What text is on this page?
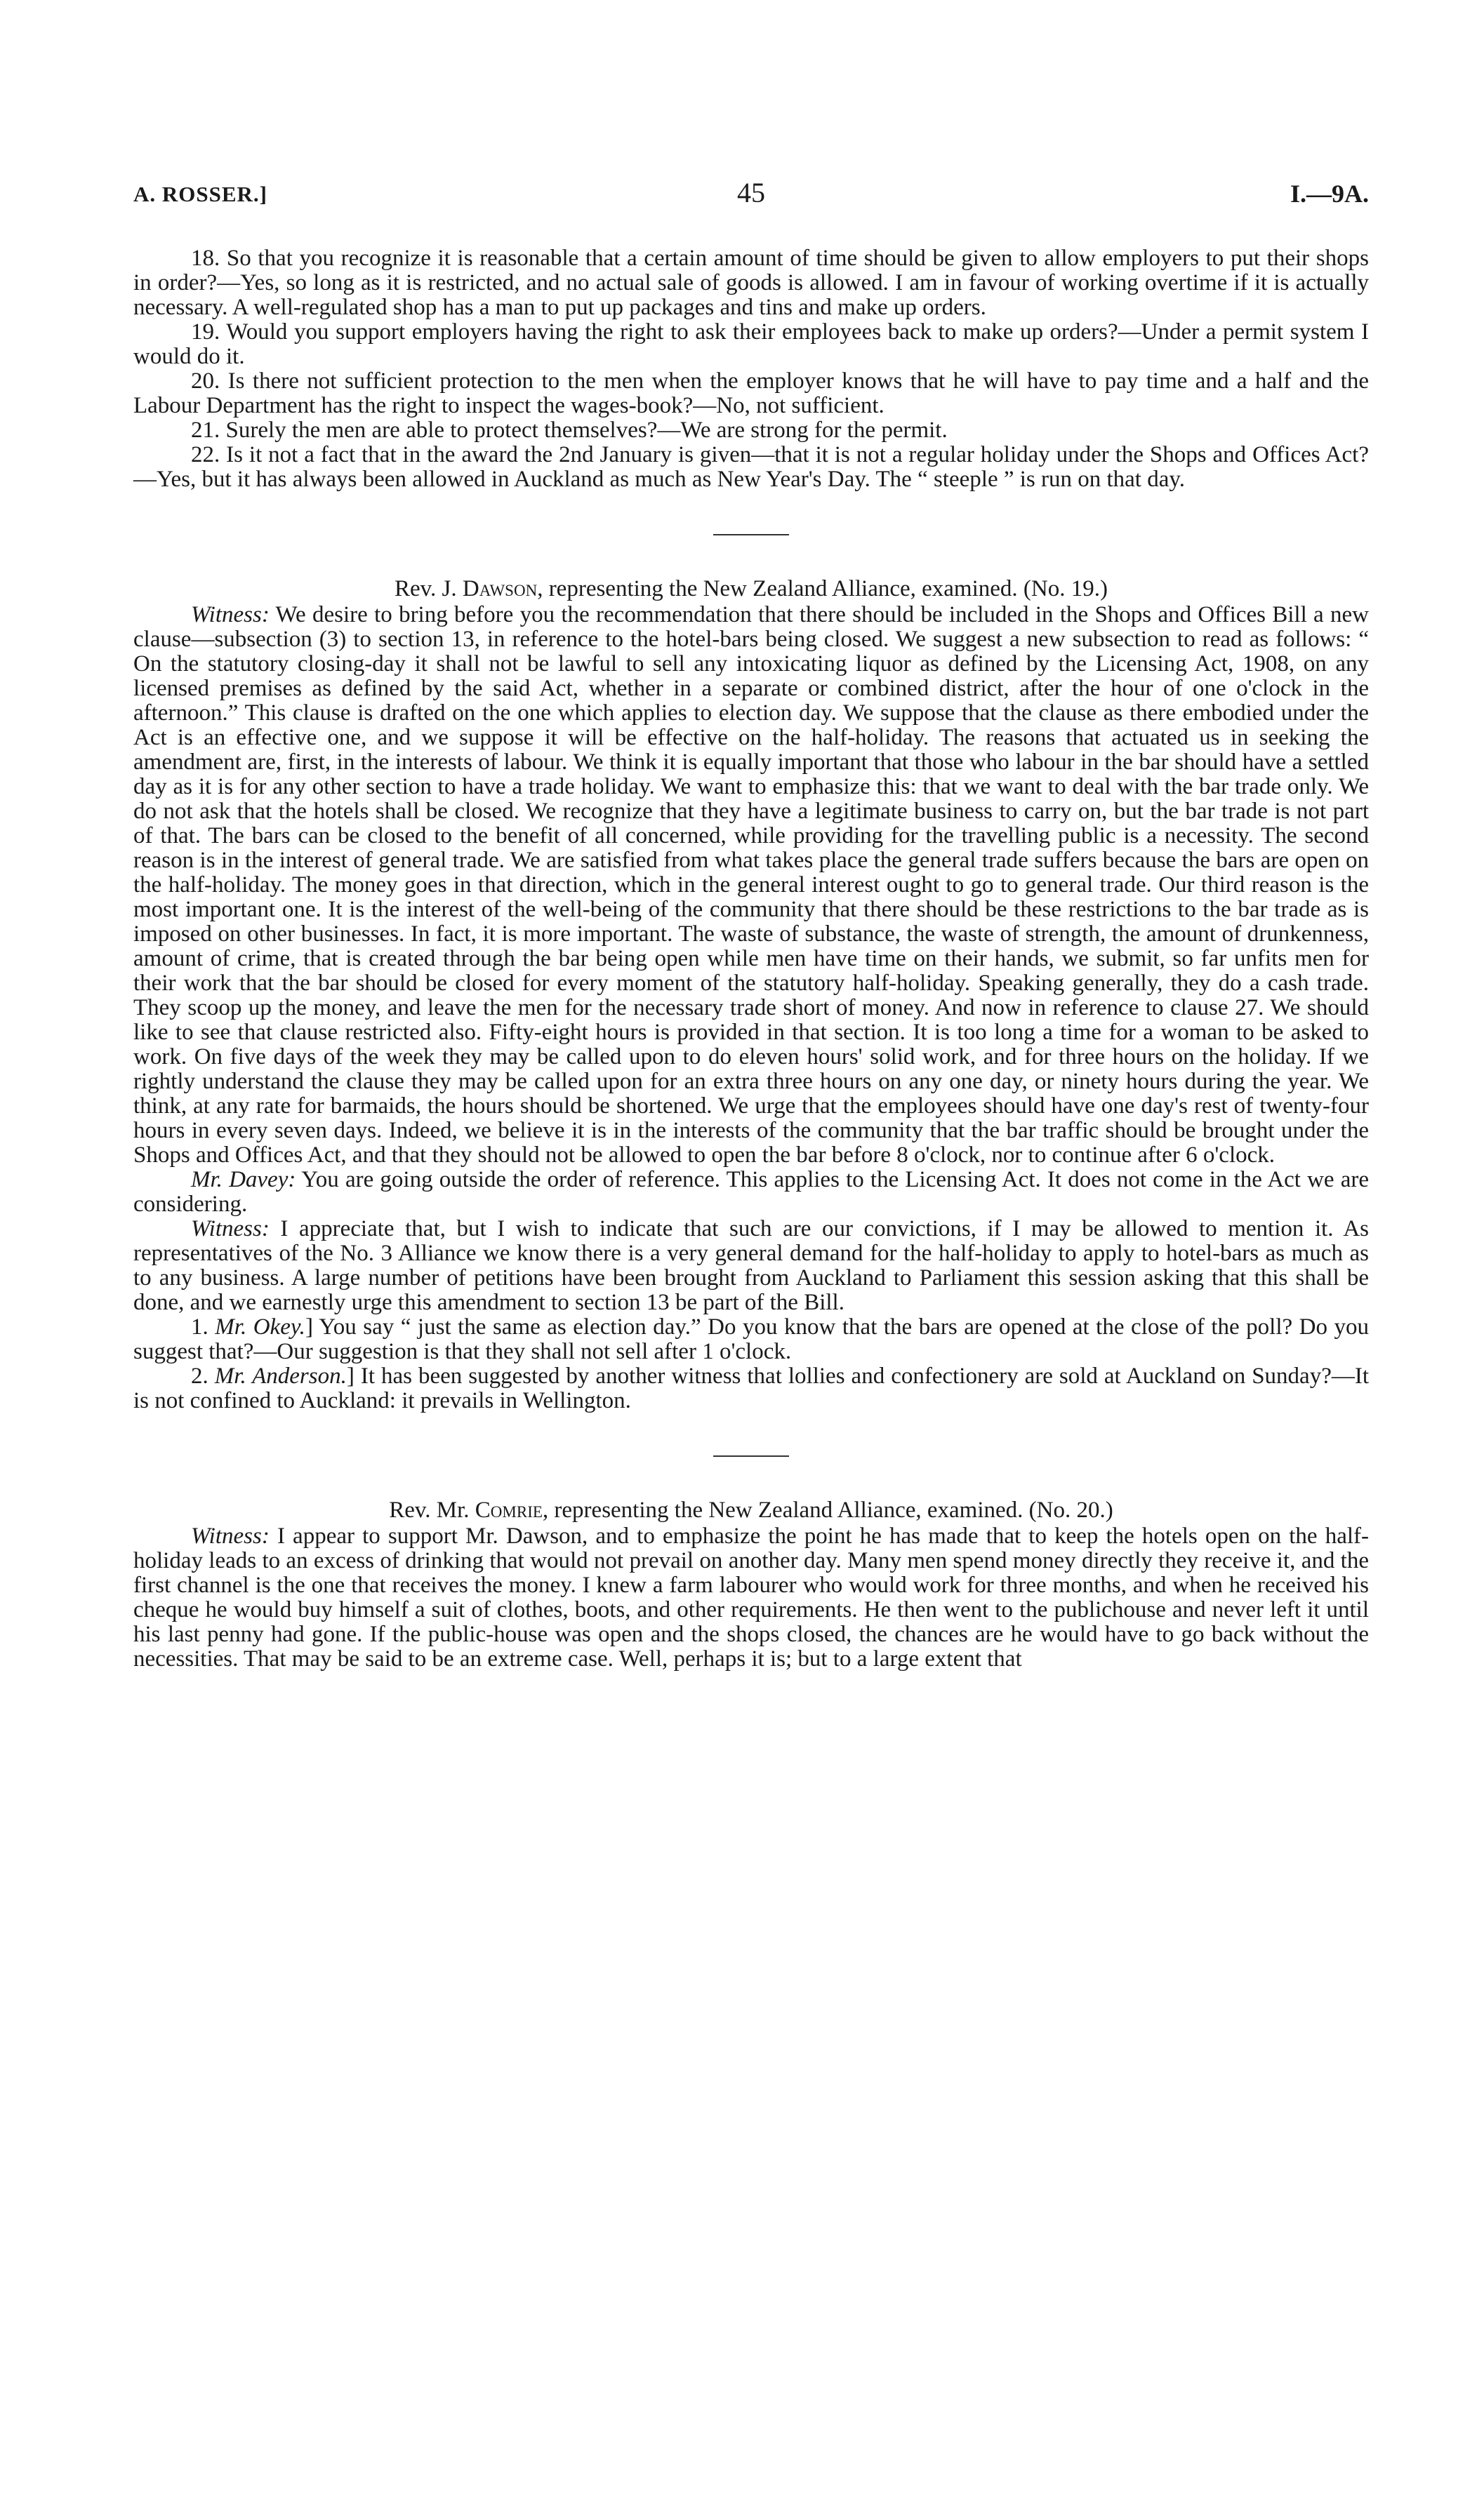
A. ROSSER.]	45	I.—9A.

18. So that you recognize it is reasonable that a certain amount of time should be given to allow employers to put their shops in order?—Yes, so long as it is restricted, and no actual sale of goods is allowed. I am in favour of working overtime if it is actually necessary. A well-regulated shop has a man to put up packages and tins and make up orders.

19. Would you support employers having the right to ask their employees back to make up orders?—Under a permit system I would do it.

20. Is there not sufficient protection to the men when the employer knows that he will have to pay time and a half and the Labour Department has the right to inspect the wages-book?—No, not sufficient.

21. Surely the men are able to protect themselves?—We are strong for the permit.

22. Is it not a fact that in the award the 2nd January is given—that it is not a regular holiday under the Shops and Offices Act?—Yes, but it has always been allowed in Auckland as much as New Year's Day. The “ steeple ” is run on that day.

Rev. J. Dawson, representing the New Zealand Alliance, examined. (No. 19.)

Witness: We desire to bring before you the recommendation that there should be included in the Shops and Offices Bill a new clause—subsection (3) to section 13, in reference to the hotel-bars being closed. We suggest a new subsection to read as follows: “ On the statutory closing-day it shall not be lawful to sell any intoxicating liquor as defined by the Licensing Act, 1908, on any licensed premises as defined by the said Act, whether in a separate or combined district, after the hour of one o'clock in the afternoon.” This clause is drafted on the one which applies to election day. We suppose that the clause as there embodied under the Act is an effective one, and we suppose it will be effective on the half-holiday. The reasons that actuated us in seeking the amendment are, first, in the interests of labour. We think it is equally important that those who labour in the bar should have a settled day as it is for any other section to have a trade holiday. We want to emphasize this: that we want to deal with the bar trade only. We do not ask that the hotels shall be closed. We recognize that they have a legitimate business to carry on, but the bar trade is not part of that. The bars can be closed to the benefit of all concerned, while providing for the travelling public is a necessity. The second reason is in the interest of general trade. We are satisfied from what takes place the general trade suffers because the bars are open on the half-holiday. The money goes in that direction, which in the general interest ought to go to general trade. Our third reason is the most important one. It is the interest of the well-being of the community that there should be these restrictions to the bar trade as is imposed on other businesses. In fact, it is more important. The waste of substance, the waste of strength, the amount of drunkenness, amount of crime, that is created through the bar being open while men have time on their hands, we submit, so far unfits men for their work that the bar should be closed for every moment of the statutory half-holiday. Speaking generally, they do a cash trade. They scoop up the money, and leave the men for the necessary trade short of money. And now in reference to clause 27. We should like to see that clause restricted also. Fifty-eight hours is provided in that section. It is too long a time for a woman to be asked to work. On five days of the week they may be called upon to do eleven hours' solid work, and for three hours on the holiday. If we rightly understand the clause they may be called upon for an extra three hours on any one day, or ninety hours during the year. We think, at any rate for barmaids, the hours should be shortened. We urge that the employees should have one day's rest of twenty-four hours in every seven days. Indeed, we believe it is in the interests of the community that the bar traffic should be brought under the Shops and Offices Act, and that they should not be allowed to open the bar before 8 o'clock, nor to continue after 6 o'clock.

Mr. Davey: You are going outside the order of reference. This applies to the Licensing Act. It does not come in the Act we are considering.

Witness: I appreciate that, but I wish to indicate that such are our convictions, if I may be allowed to mention it. As representatives of the No. 3 Alliance we know there is a very general demand for the half-holiday to apply to hotel-bars as much as to any business. A large number of petitions have been brought from Auckland to Parliament this session asking that this shall be done, and we earnestly urge this amendment to section 13 be part of the Bill.

1. Mr. Okey.] You say “ just the same as election day.” Do you know that the bars are opened at the close of the poll? Do you suggest that?—Our suggestion is that they shall not sell after 1 o'clock.

2. Mr. Anderson.] It has been suggested by another witness that lollies and confectionery are sold at Auckland on Sunday?—It is not confined to Auckland: it prevails in Wellington.

Rev. Mr. Comrie, representing the New Zealand Alliance, examined. (No. 20.)

Witness: I appear to support Mr. Dawson, and to emphasize the point he has made that to keep the hotels open on the half-holiday leads to an excess of drinking that would not prevail on another day. Many men spend money directly they receive it, and the first channel is the one that receives the money. I knew a farm labourer who would work for three months, and when he received his cheque he would buy himself a suit of clothes, boots, and other requirements. He then went to the publichouse and never left it until his last penny had gone. If the public-house was open and the shops closed, the chances are he would have to go back without the necessities. That may be said to be an extreme case. Well, perhaps it is; but to a large extent that
